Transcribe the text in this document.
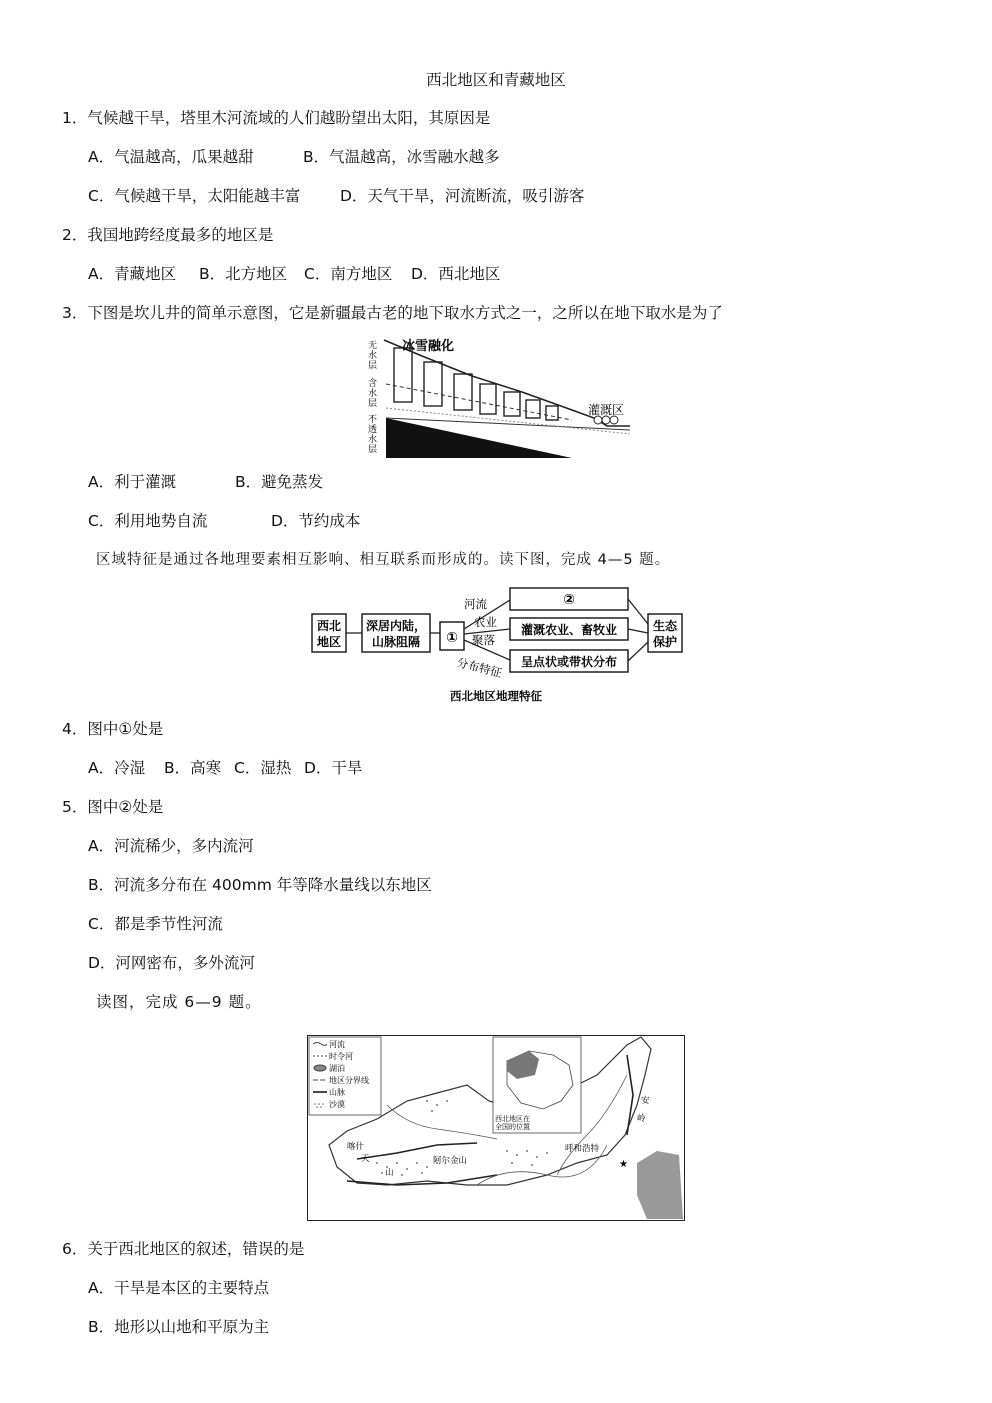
西北地区和青藏地区
1．气候越干旱，塔里木河流域的人们越盼望出太阳，其原因是
A．气温越高，瓜果越甜	B．气温越高，冰雪融水越多
C．气候越干旱，太阳能越丰富	D．天气干旱，河流断流，吸引游客
2．我国地跨经度最多的地区是
A．青藏地区 B．北方地区 C．南方地区 D．西北地区
3．下图是坎儿井的简单示意图，它是新疆最古老的地下取水方式之一，之所以在地下取水是为了
冰雪融化
灌溉区
无
水
层
含
水
层
不
透
水
层
A．利于灌溉	B．避免蒸发
C．利用地势自流	D．节约成本
区域特征是通过各地理要素相互影响、相互联系而形成的。读下图，完成 4—5 题。
西北
地区
深居内陆，
山脉阻隔 ①
②
灌溉农业、畜牧业
呈点状或带状分布
生态
保护
河流
农业
聚落
分布特征
西北地区地理特征
4．图中①处是
A．冷湿 B．高寒 C．湿热 D．干旱
5．图中②处是
A．河流稀少，多内流河
B．河流多分布在 400mm 年等降水量线以东地区
C．都是季节性河流
D．河网密布，多外流河
读图，完成 6—9 题。
河流
时令河
湖泊
地区分界线
山脉
沙漠
★
西北地区在
全国的位置
喀什
阿尔金山
呼和浩特
天
山
安
岭
6．关于西北地区的叙述，错误的是
A．干旱是本区的主要特点
B．地形以山地和平原为主
